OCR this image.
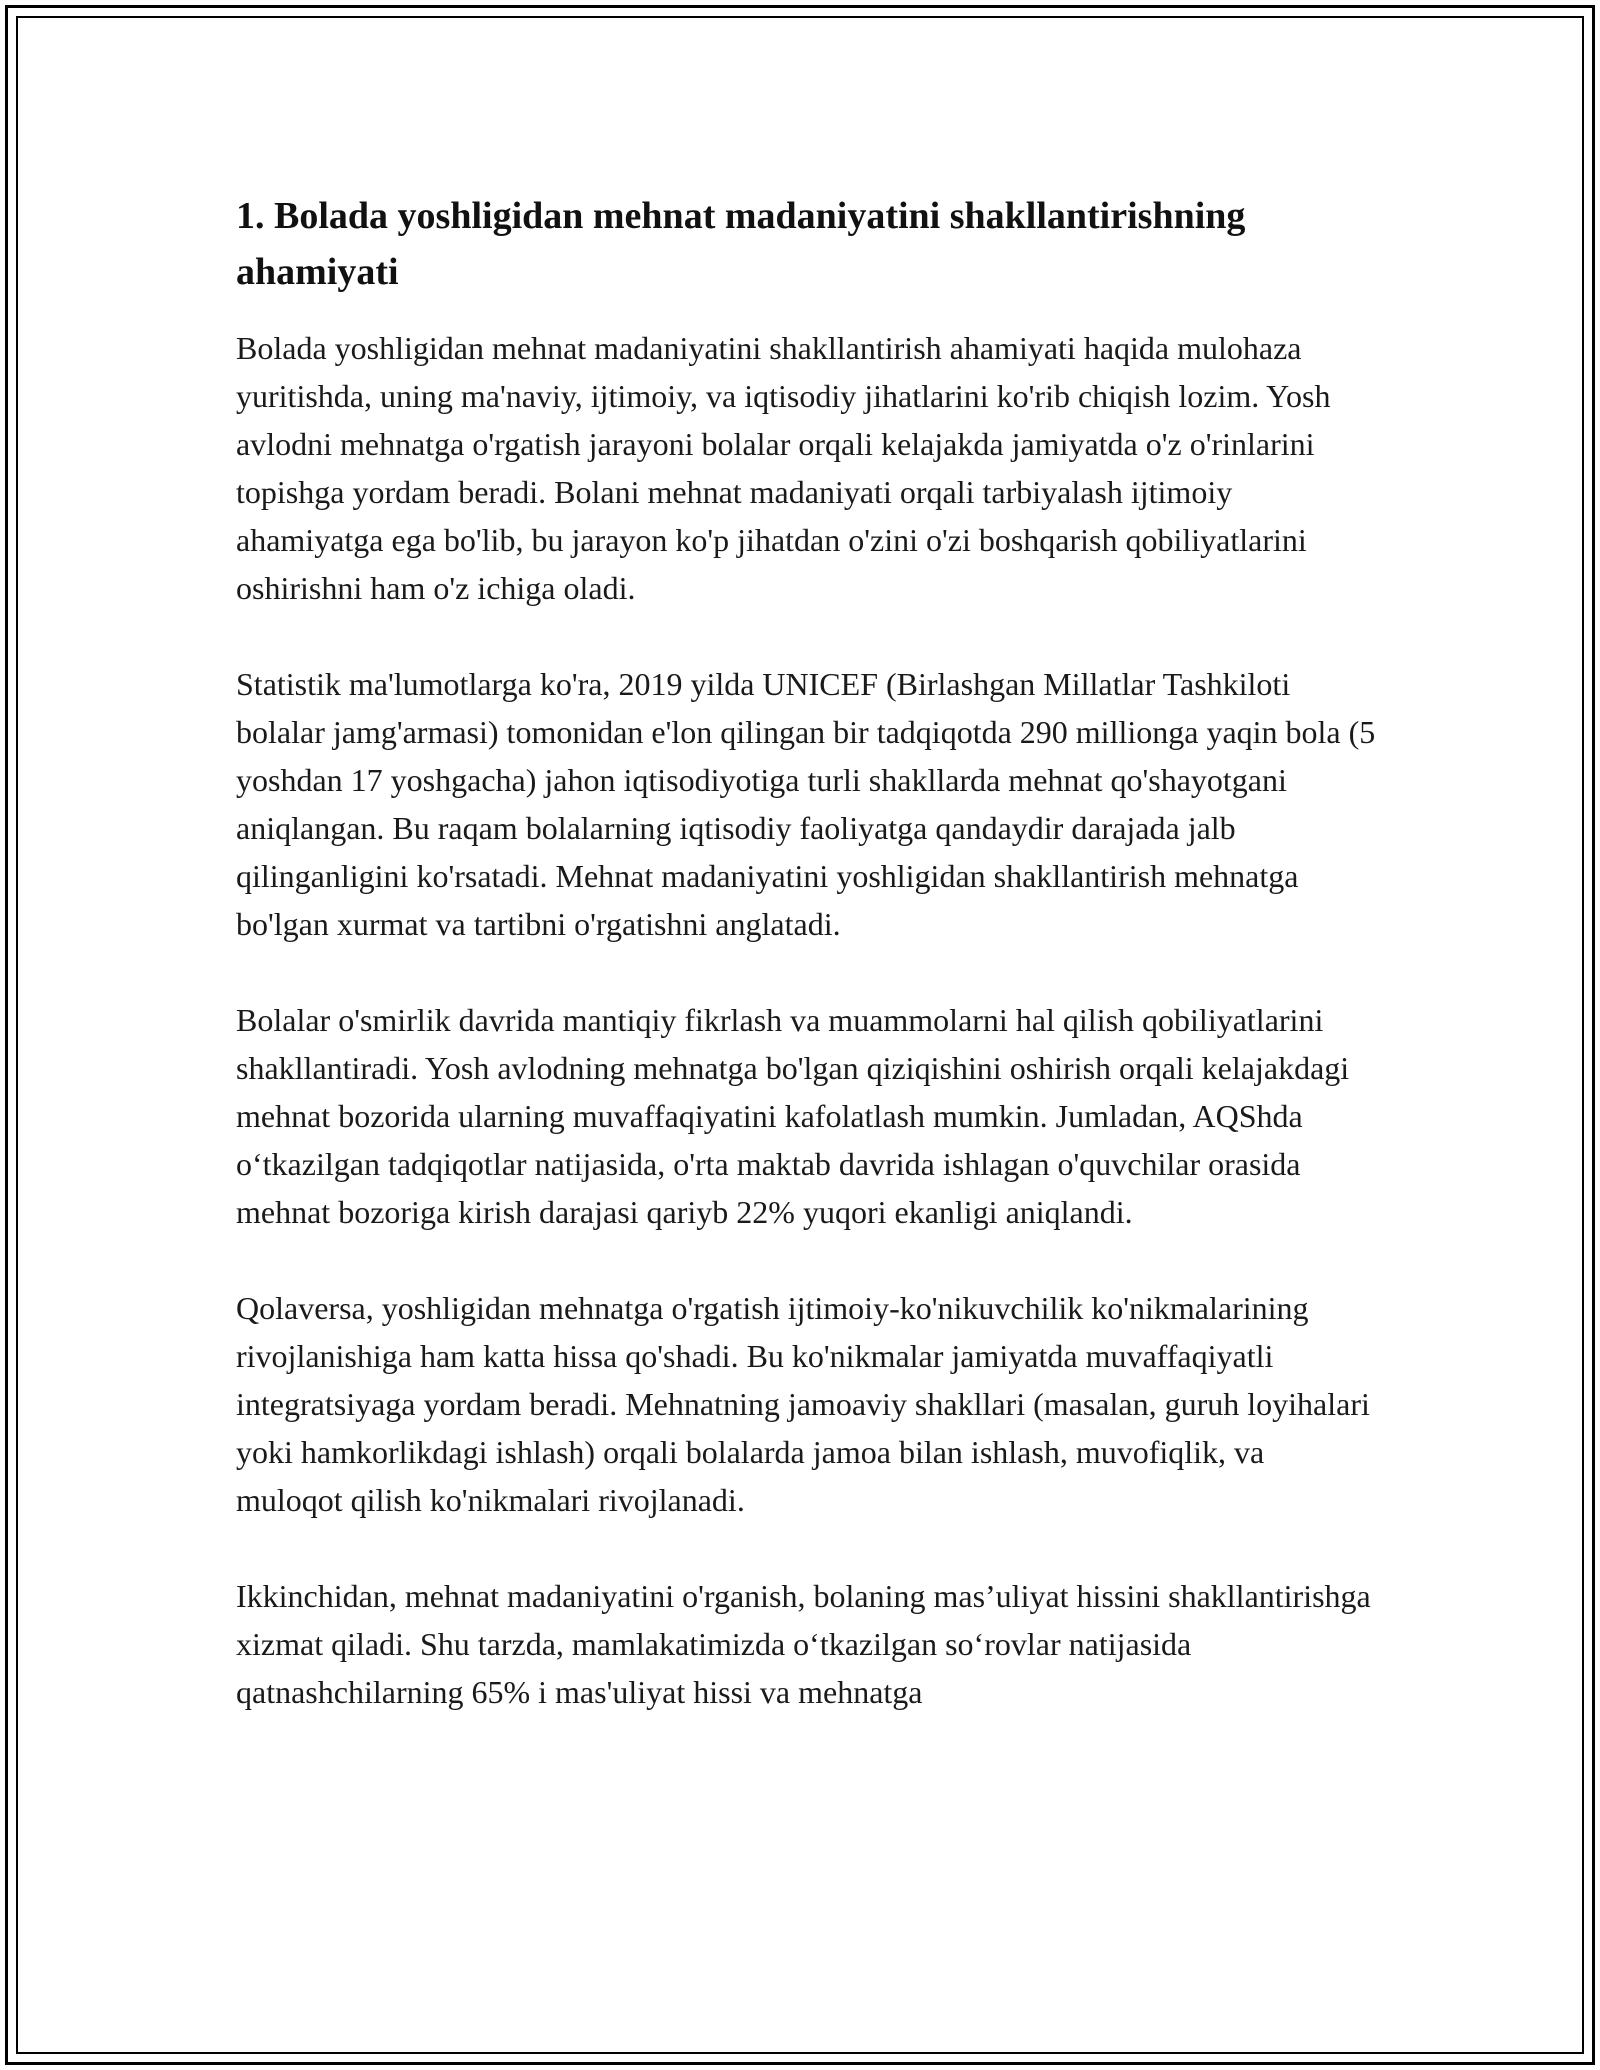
1. Bolada yoshligidan mehnat madaniyatini shakllantirishning ahamiyati

Bolada yoshligidan mehnat madaniyatini shakllantirish ahamiyati haqida mulohaza yuritishda, uning ma'naviy, ijtimoiy, va iqtisodiy jihatlarini ko'rib chiqish lozim. Yosh avlodni mehnatga o'rgatish jarayoni bolalar orqali kelajakda jamiyatda o'z o'rinlarini topishga yordam beradi. Bolani mehnat madaniyati orqali tarbiyalash ijtimoiy ahamiyatga ega bo'lib, bu jarayon ko'p jihatdan o'zini o'zi boshqarish qobiliyatlarini oshirishni ham o'z ichiga oladi.

Statistik ma'lumotlarga ko'ra, 2019 yilda UNICEF (Birlashgan Millatlar Tashkiloti bolalar jamg'armasi) tomonidan e'lon qilingan bir tadqiqotda 290 millionga yaqin bola (5 yoshdan 17 yoshgacha) jahon iqtisodiyotiga turli shakllarda mehnat qo'shayotgani aniqlangan. Bu raqam bolalarning iqtisodiy faoliyatga qandaydir darajada jalb qilinganligini ko'rsatadi. Mehnat madaniyatini yoshligidan shakllantirish mehnatga bo'lgan xurmat va tartibni o'rgatishni anglatadi.

Bolalar o'smirlik davrida mantiqiy fikrlash va muammolarni hal qilish qobiliyatlarini shakllantiradi. Yosh avlodning mehnatga bo'lgan qiziqishini oshirish orqali kelajakdagi mehnat bozorida ularning muvaffaqiyatini kafolatlash mumkin. Jumladan, AQShda o‘tkazilgan tadqiqotlar natijasida, o'rta maktab davrida ishlagan o'quvchilar orasida mehnat bozoriga kirish darajasi qariyb 22% yuqori ekanligi aniqlandi.

Qolaversa, yoshligidan mehnatga o'rgatish ijtimoiy-ko'nikuvchilik ko'nikmalarining rivojlanishiga ham katta hissa qo'shadi. Bu ko'nikmalar jamiyatda muvaffaqiyatli integratsiyaga yordam beradi. Mehnatning jamoaviy shakllari (masalan, guruh loyihalari yoki hamkorlikdagi ishlash) orqali bolalarda jamoa bilan ishlash, muvofiqlik, va muloqot qilish ko'nikmalari rivojlanadi.

Ikkinchidan, mehnat madaniyatini o'rganish, bolaning mas’uliyat hissini shakllantirishga xizmat qiladi. Shu tarzda, mamlakatimizda o‘tkazilgan so‘rovlar natijasida qatnashchilarning 65% i mas'uliyat hissi va mehnatga
